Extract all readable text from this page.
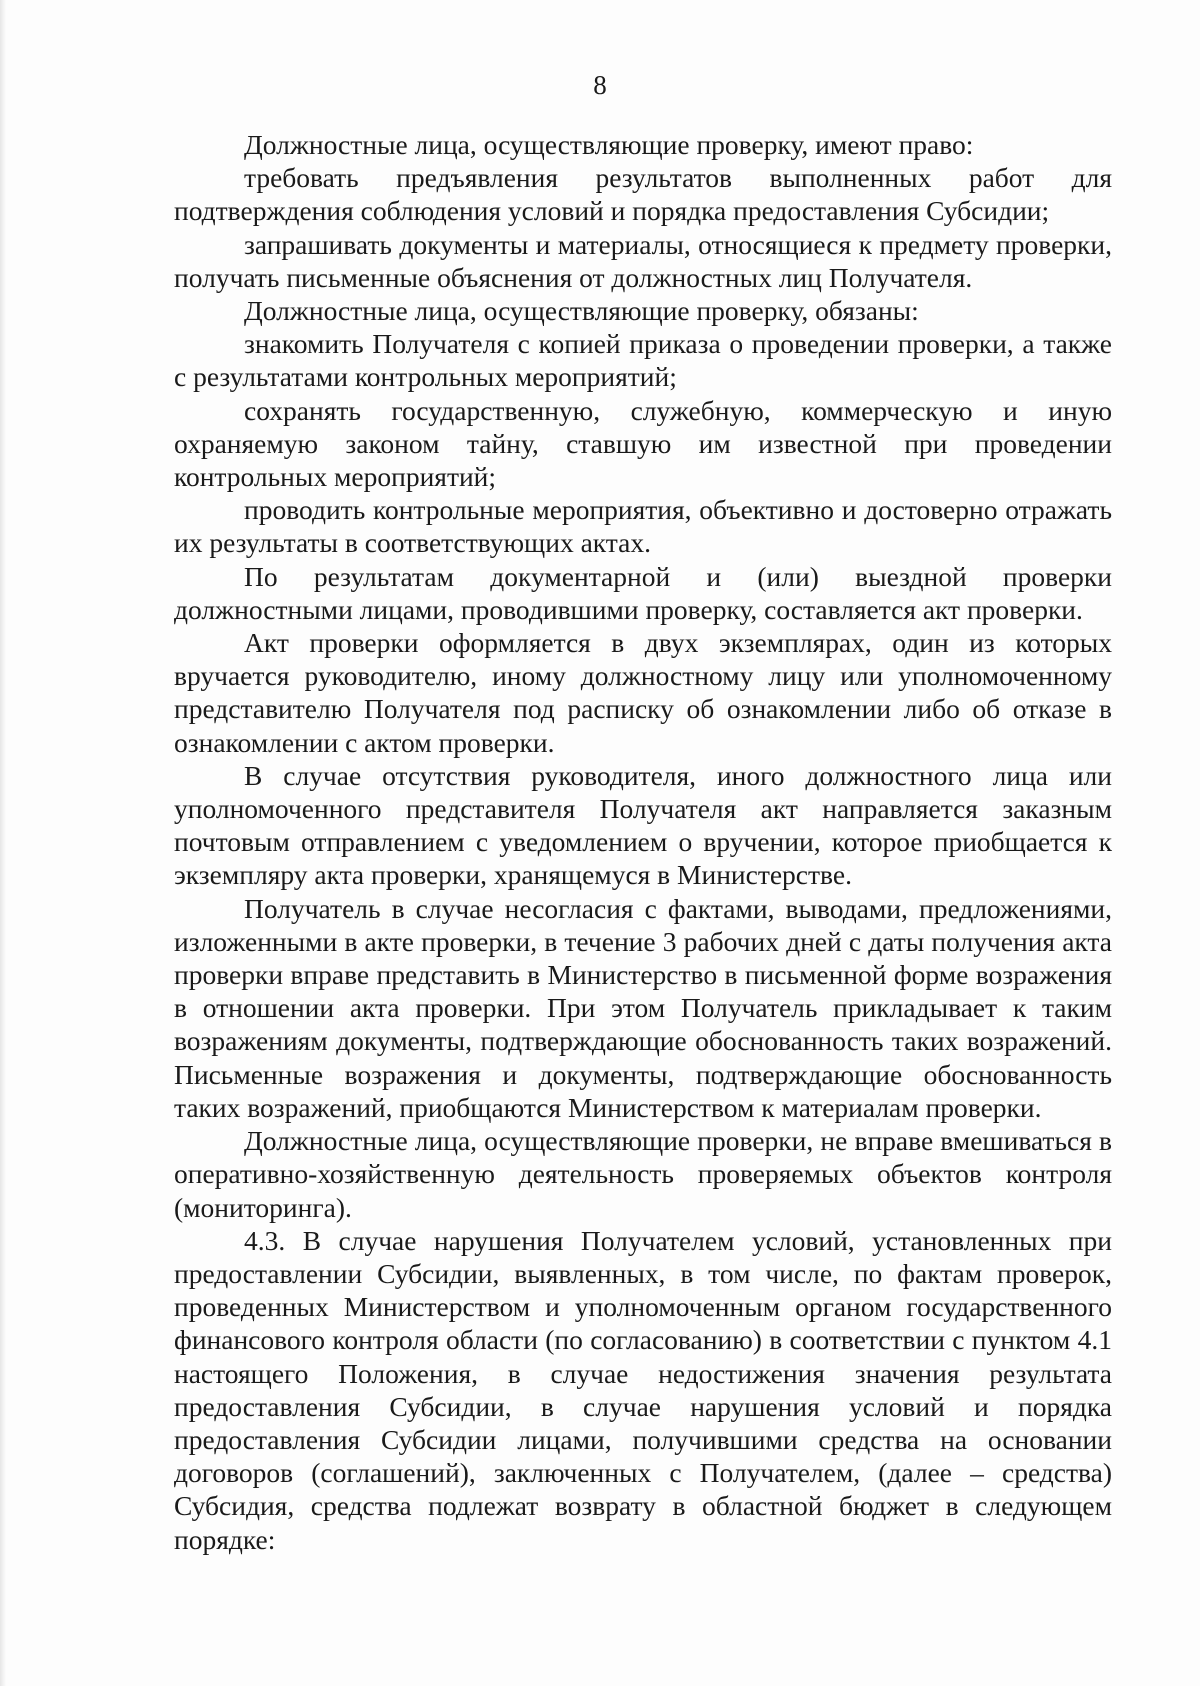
8

Должностные лица, осуществляющие проверку, имеют право:

требовать предъявления результатов выполненных работ для подтверждения соблюдения условий и порядка предоставления Субсидии;

запрашивать документы и материалы, относящиеся к предмету проверки, получать письменные объяснения от должностных лиц Получателя.

Должностные лица, осуществляющие проверку, обязаны:

знакомить Получателя с копией приказа о проведении проверки, а также с результатами контрольных мероприятий;

сохранять государственную, служебную, коммерческую и иную охраняемую законом тайну, ставшую им известной при проведении контрольных мероприятий;

проводить контрольные мероприятия, объективно и достоверно отражать их результаты в соответствующих актах.

По результатам документарной и (или) выездной проверки должностными лицами, проводившими проверку, составляется акт проверки.

Акт проверки оформляется в двух экземплярах, один из которых вручается руководителю, иному должностному лицу или уполномоченному представителю Получателя под расписку об ознакомлении либо об отказе в ознакомлении с актом проверки.

В случае отсутствия руководителя, иного должностного лица или уполномоченного представителя Получателя акт направляется заказным почтовым отправлением с уведомлением о вручении, которое приобщается к экземпляру акта проверки, хранящемуся в Министерстве.

Получатель в случае несогласия с фактами, выводами, предложениями, изложенными в акте проверки, в течение 3 рабочих дней с даты получения акта проверки вправе представить в Министерство в письменной форме возражения в отношении акта проверки. При этом Получатель прикладывает к таким возражениям документы, подтверждающие обоснованность таких возражений. Письменные возражения и документы, подтверждающие обоснованность таких возражений, приобщаются Министерством к материалам проверки.

Должностные лица, осуществляющие проверки, не вправе вмешиваться в оперативно-хозяйственную деятельность проверяемых объектов контроля (мониторинга).

4.3. В случае нарушения Получателем условий, установленных при предоставлении Субсидии, выявленных, в том числе, по фактам проверок, проведенных Министерством и уполномоченным органом государственного финансового контроля области (по согласованию) в соответствии с пунктом 4.1 настоящего Положения, в случае недостижения значения результата предоставления Субсидии, в случае нарушения условий и порядка предоставления Субсидии лицами, получившими средства на основании договоров (соглашений), заключенных с Получателем, (далее – средства) Субсидия, средства подлежат возврату в областной бюджет в следующем порядке:
